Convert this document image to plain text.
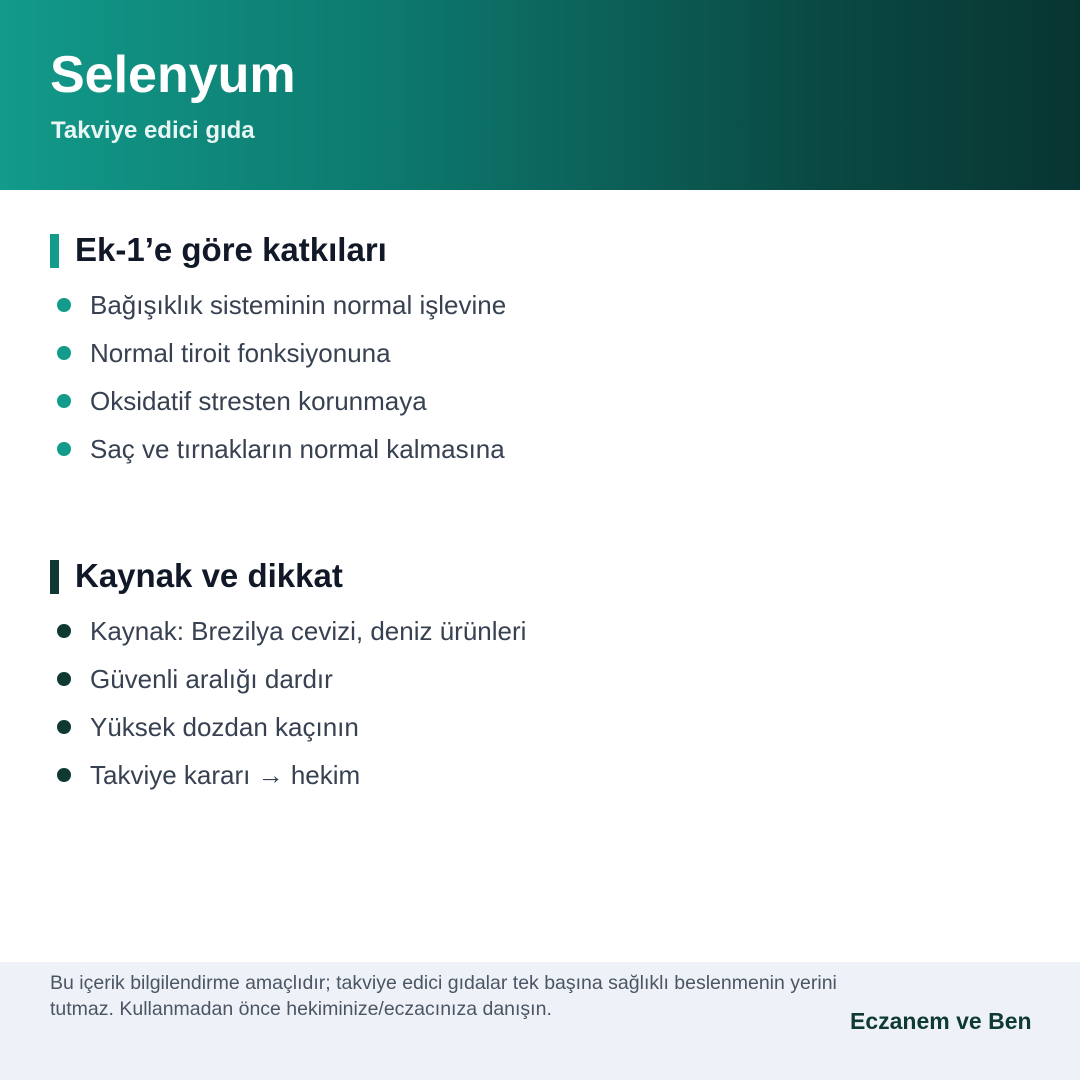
Selenyum

Takviye edici gıda

Ek-1’e göre katkıları
Bağışıklık sisteminin normal işlevine
Normal tiroit fonksiyonuna
Oksidatif stresten korunmaya
Saç ve tırnakların normal kalmasına
Kaynak ve dikkat
Kaynak: Brezilya cevizi, deniz ürünleri
Güvenli aralığı dardır
Yüksek dozdan kaçının
Takviye kararı → hekim

Bu içerik bilgilendirme amaçlıdır; takviye edici gıdalar tek başına sağlıklı beslenmenin yerini tutmaz. Kullanmadan önce hekiminize/eczacınıza danışın.	Eczanem ve Ben
